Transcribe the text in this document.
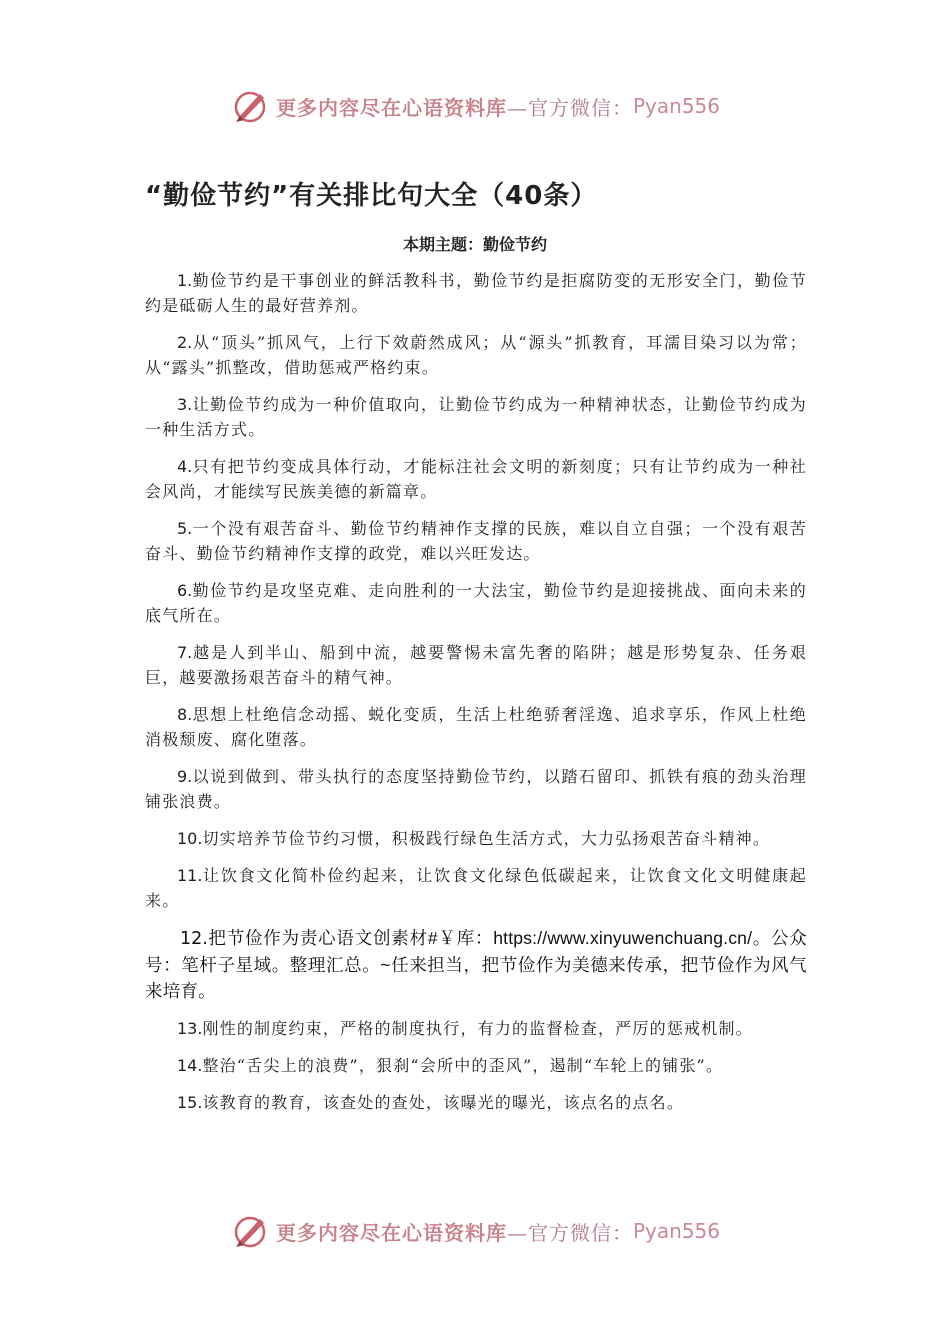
更多内容尽在心语资料库 —官方微信： Pyan556
“勤俭节约”有关排比句大全（40条）
本期主题：勤俭节约

1.勤俭节约是干事创业的鲜活教科书，勤俭节约是拒腐防变的无形安全门，勤俭节约是砥砺人生的最好营养剂。

2.从“顶头”抓风气，上行下效蔚然成风；从“源头”抓教育，耳濡目染习以为常；从“露头”抓整改，借助惩戒严格约束。

3.让勤俭节约成为一种价值取向，让勤俭节约成为一种精神状态，让勤俭节约成为一种生活方式。

4.只有把节约变成具体行动，才能标注社会文明的新刻度；只有让节约成为一种社会风尚，才能续写民族美德的新篇章。

5.一个没有艰苦奋斗、勤俭节约精神作支撑的民族，难以自立自强；一个没有艰苦奋斗、勤俭节约精神作支撑的政党，难以兴旺发达。

6.勤俭节约是攻坚克难、走向胜利的一大法宝，勤俭节约是迎接挑战、面向未来的底气所在。

7.越是人到半山、船到中流，越要警惕未富先奢的陷阱；越是形势复杂、任务艰巨，越要激扬艰苦奋斗的精气神。

8.思想上杜绝信念动摇、蜕化变质，生活上杜绝骄奢淫逸、追求享乐，作风上杜绝消极颓废、腐化堕落。

9.以说到做到、带头执行的态度坚持勤俭节约，以踏石留印、抓铁有痕的劲头治理铺张浪费。

10.切实培养节俭节约习惯，积极践行绿色生活方式，大力弘扬艰苦奋斗精神。

11.让饮食文化简朴俭约起来，让饮食文化绿色低碳起来，让饮食文化文明健康起来。

12.把节俭作为责心语文创素材#￥库：https://www.xinyuwenchuang.cn/。公众号：笔杆子星域。整理汇总。~任来担当，把节俭作为美德来传承，把节俭作为风气来培育。

13.刚性的制度约束，严格的制度执行，有力的监督检查，严厉的惩戒机制。

14.整治“舌尖上的浪费”，狠刹“会所中的歪风”，遏制“车轮上的铺张”。

15.该教育的教育，该查处的查处，该曝光的曝光，该点名的点名。

更多内容尽在心语资料库 —官方微信： Pyan556
